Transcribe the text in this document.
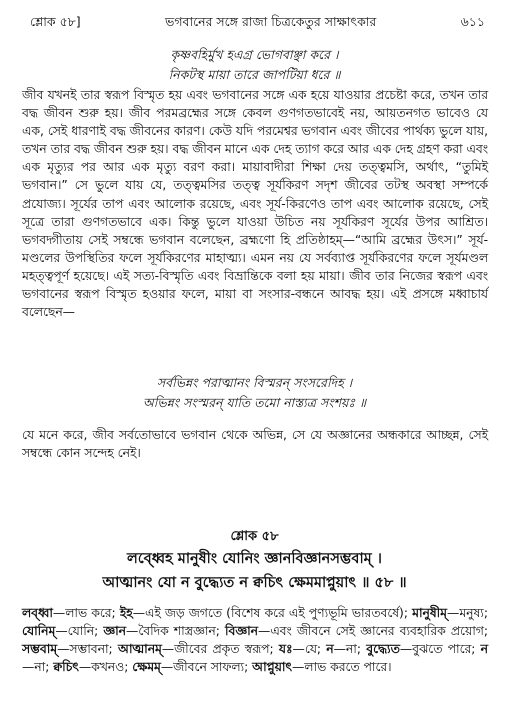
শ্লোক ৫৮]	ভগবানের সঙ্গে রাজা চিত্রকেতুর সাক্ষাৎকার	৬১১
কৃষ্ণবহির্মুখ হএগ্ৰ ভোগবাঞ্ছা করে ।
নিকটস্থ মায়া তারে জাপটিয়া ধরে ॥

জীব যখনই তার স্বরূপ বিস্মৃত হয় এবং ভগবানের সঙ্গে এক হয়ে যাওয়ার প্রচেষ্টা করে, তখন তার বদ্ধ জীবন শুরু হয়। জীব পরমব্রহ্মের সঙ্গে কেবল গুণগতভাবেই নয়, আয়তনগত ভাবেও যে এক, সেই ধারণাই বদ্ধ জীবনের কারণ। কেউ যদি পরমেশ্বর ভগবান এবং জীবের পার্থক্য ভুলে যায়, তখন তার বদ্ধ জীবন শুরু হয়। বদ্ধ জীবন মানে এক দেহ ত্যাগ করে আর এক দেহ গ্রহণ করা এবং এক মৃত্যুর পর আর এক মৃত্যু বরণ করা। মায়াবাদীরা শিক্ষা দেয় তত্ত্বমসি, অর্থাৎ, “তুমিই ভগবান।” সে ভুলে যায় যে, তত্ত্বমসির তত্ত্ব সূর্যকিরণ সদৃশ জীবের তটস্থ অবস্থা সম্পর্কে প্রযোজ্য। সূর্যের তাপ এবং আলোক রয়েছে, এবং সূর্য-কিরণেও তাপ এবং আলোক রয়েছে, সেই সূত্রে তারা গুণগতভাবে এক। কিন্তু ভুলে যাওয়া উচিত নয় সূর্যকিরণ সূর্যের উপর আশ্রিত। ভগবদ্গীতায় সেই সম্বন্ধে ভগবান বলেছেন, ব্রহ্মণো হি প্রতিষ্ঠাহম্—“আমি ব্রহ্মের উৎস।” সূর্য-মণ্ডলের উপস্থিতির ফলে সূর্যকিরণের মাহাত্ম্য। এমন নয় যে সর্বব্যাপ্ত সূর্যকিরণের ফলে সূর্যমণ্ডল মহত্ত্বপূর্ণ হয়েছে। এই সত্য-বিস্মৃতি এবং বিভ্রান্তিকে বলা হয় মায়া। জীব তার নিজের স্বরূপ এবং ভগবানের স্বরূপ বিস্মৃত হওয়ার ফলে, মায়া বা সংসার-বন্ধনে আবদ্ধ হয়। এই প্রসঙ্গে মধ্বাচার্য বলেছেন—

সর্বভিন্নং পরাত্মানং বিস্মরন্ সংসরেদিহ ।
অভিন্নং সংস্মরন্ যাতি তমো নাস্ত্যত্র সংশয়ঃ ॥

যে মনে করে, জীব সর্বতোভাবে ভগবান থেকে অভিন্ন, সে যে অজ্ঞানের অন্ধকারে আচ্ছন্ন, সেই সম্বন্ধে কোন সন্দেহ নেই।

শ্লোক ৫৮
লব্ধ্বেহ মানুষীং যোনিং জ্ঞানবিজ্ঞানসম্ভবাম্ ।
আত্মানং যো ন বুদ্ধ্যেত ন ক্বচিৎ ক্ষেমমাপ্নুয়াৎ ॥ ৫৮ ॥

লব্ধ্বা—লাভ করে; ইহ—এই জড় জগতে (বিশেষ করে এই পুণ্যভূমি ভারতবর্ষে); মানুষীম্—মনুষ্য; যোনিম্—যোনি; জ্ঞান—বৈদিক শাস্ত্রজ্ঞান; বিজ্ঞান—এবং জীবনে সেই জ্ঞানের ব্যবহারিক প্রয়োগ; সম্ভবাম্—সম্ভাবনা; আত্মানম্—জীবের প্রকৃত স্বরূপ; যঃ—যে; ন—না; বুদ্ধ্যেত—বুঝতে পারে; ন—না; ক্বচিৎ—কখনও; ক্ষেমম্—জীবনে সাফল্য; আপ্নুয়াৎ—লাভ করতে পারে।
